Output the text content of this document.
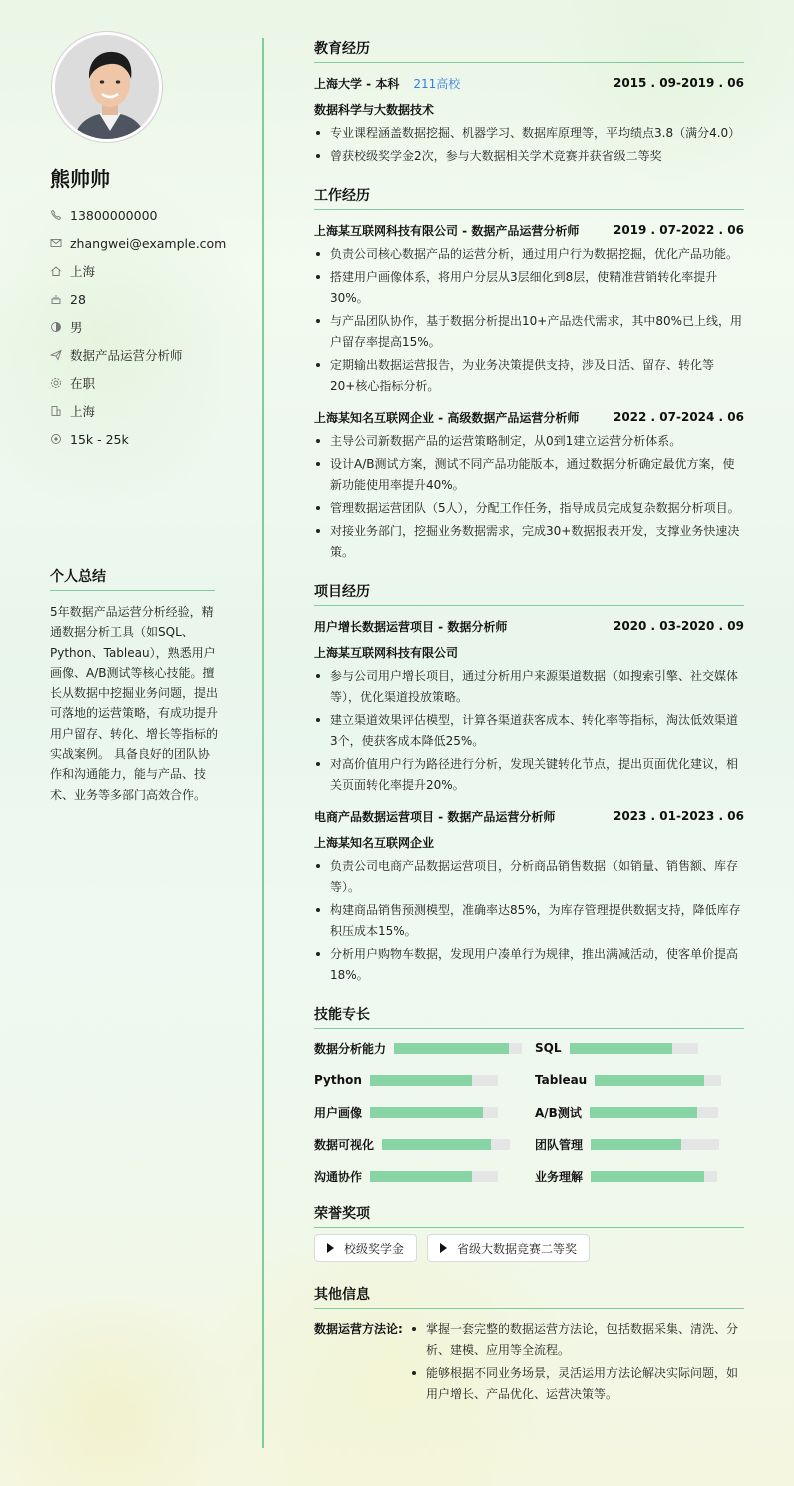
熊帅帅
13800000000
zhangwei@example.com
上海
28
男
数据产品运营分析师
在职
上海
15k - 25k
个人总结
5年数据产品运营分析经验，精通数据分析工具（如SQL、Python、Tableau），熟悉用户画像、A/B测试等核心技能。擅长从数据中挖掘业务问题，提出可落地的运营策略，有成功提升用户留存、转化、增长等指标的实战案例。 具备良好的团队协作和沟通能力，能与产品、技术、业务等多部门高效合作。
教育经历
上海大学 - 本科 211高校	2015 . 09-2019 . 06
数据科学与大数据技术
专业课程涵盖数据挖掘、机器学习、数据库原理等，平均绩点3.8（满分4.0）
曾获校级奖学金2次，参与大数据相关学术竞赛并获省级二等奖
工作经历
上海某互联网科技有限公司 - 数据产品运营分析师	2019 . 07-2022 . 06
负责公司核心数据产品的运营分析，通过用户行为数据挖掘，优化产品功能。
搭建用户画像体系，将用户分层从3层细化到8层，使精准营销转化率提升30%。
与产品团队协作，基于数据分析提出10+产品迭代需求，其中80%已上线，用户留存率提高15%。
定期输出数据运营报告，为业务决策提供支持，涉及日活、留存、转化等20+核心指标分析。
上海某知名互联网企业 - 高级数据产品运营分析师	2022 . 07-2024 . 06
主导公司新数据产品的运营策略制定，从0到1建立运营分析体系。
设计A/B测试方案，测试不同产品功能版本，通过数据分析确定最优方案，使新功能使用率提升40%。
管理数据运营团队（5人），分配工作任务，指导成员完成复杂数据分析项目。
对接业务部门，挖掘业务数据需求，完成30+数据报表开发，支撑业务快速决策。
项目经历
用户增长数据运营项目 - 数据分析师	2020 . 03-2020 . 09
上海某互联网科技有限公司
参与公司用户增长项目，通过分析用户来源渠道数据（如搜索引擎、社交媒体等），优化渠道投放策略。
建立渠道效果评估模型，计算各渠道获客成本、转化率等指标，淘汰低效渠道3个，使获客成本降低25%。
对高价值用户行为路径进行分析，发现关键转化节点，提出页面优化建议，相关页面转化率提升20%。
电商产品数据运营项目 - 数据产品运营分析师	2023 . 01-2023 . 06
上海某知名互联网企业
负责公司电商产品数据运营项目，分析商品销售数据（如销量、销售额、库存等）。
构建商品销售预测模型，准确率达85%，为库存管理提供数据支持，降低库存积压成本15%。
分析用户购物车数据，发现用户凑单行为规律，推出满减活动，使客单价提高18%。
技能专长
数据分析能力	SQL
Python	Tableau
用户画像	A/B测试
数据可视化	团队管理
沟通协作	业务理解
荣誉奖项
校级奖学金	省级大数据竞赛二等奖
其他信息
数据运营方法论:	掌握一套完整的数据运营方法论，包括数据采集、清洗、分析、建模、应用等全流程。
能够根据不同业务场景，灵活运用方法论解决实际问题，如用户增长、产品优化、运营决策等。
